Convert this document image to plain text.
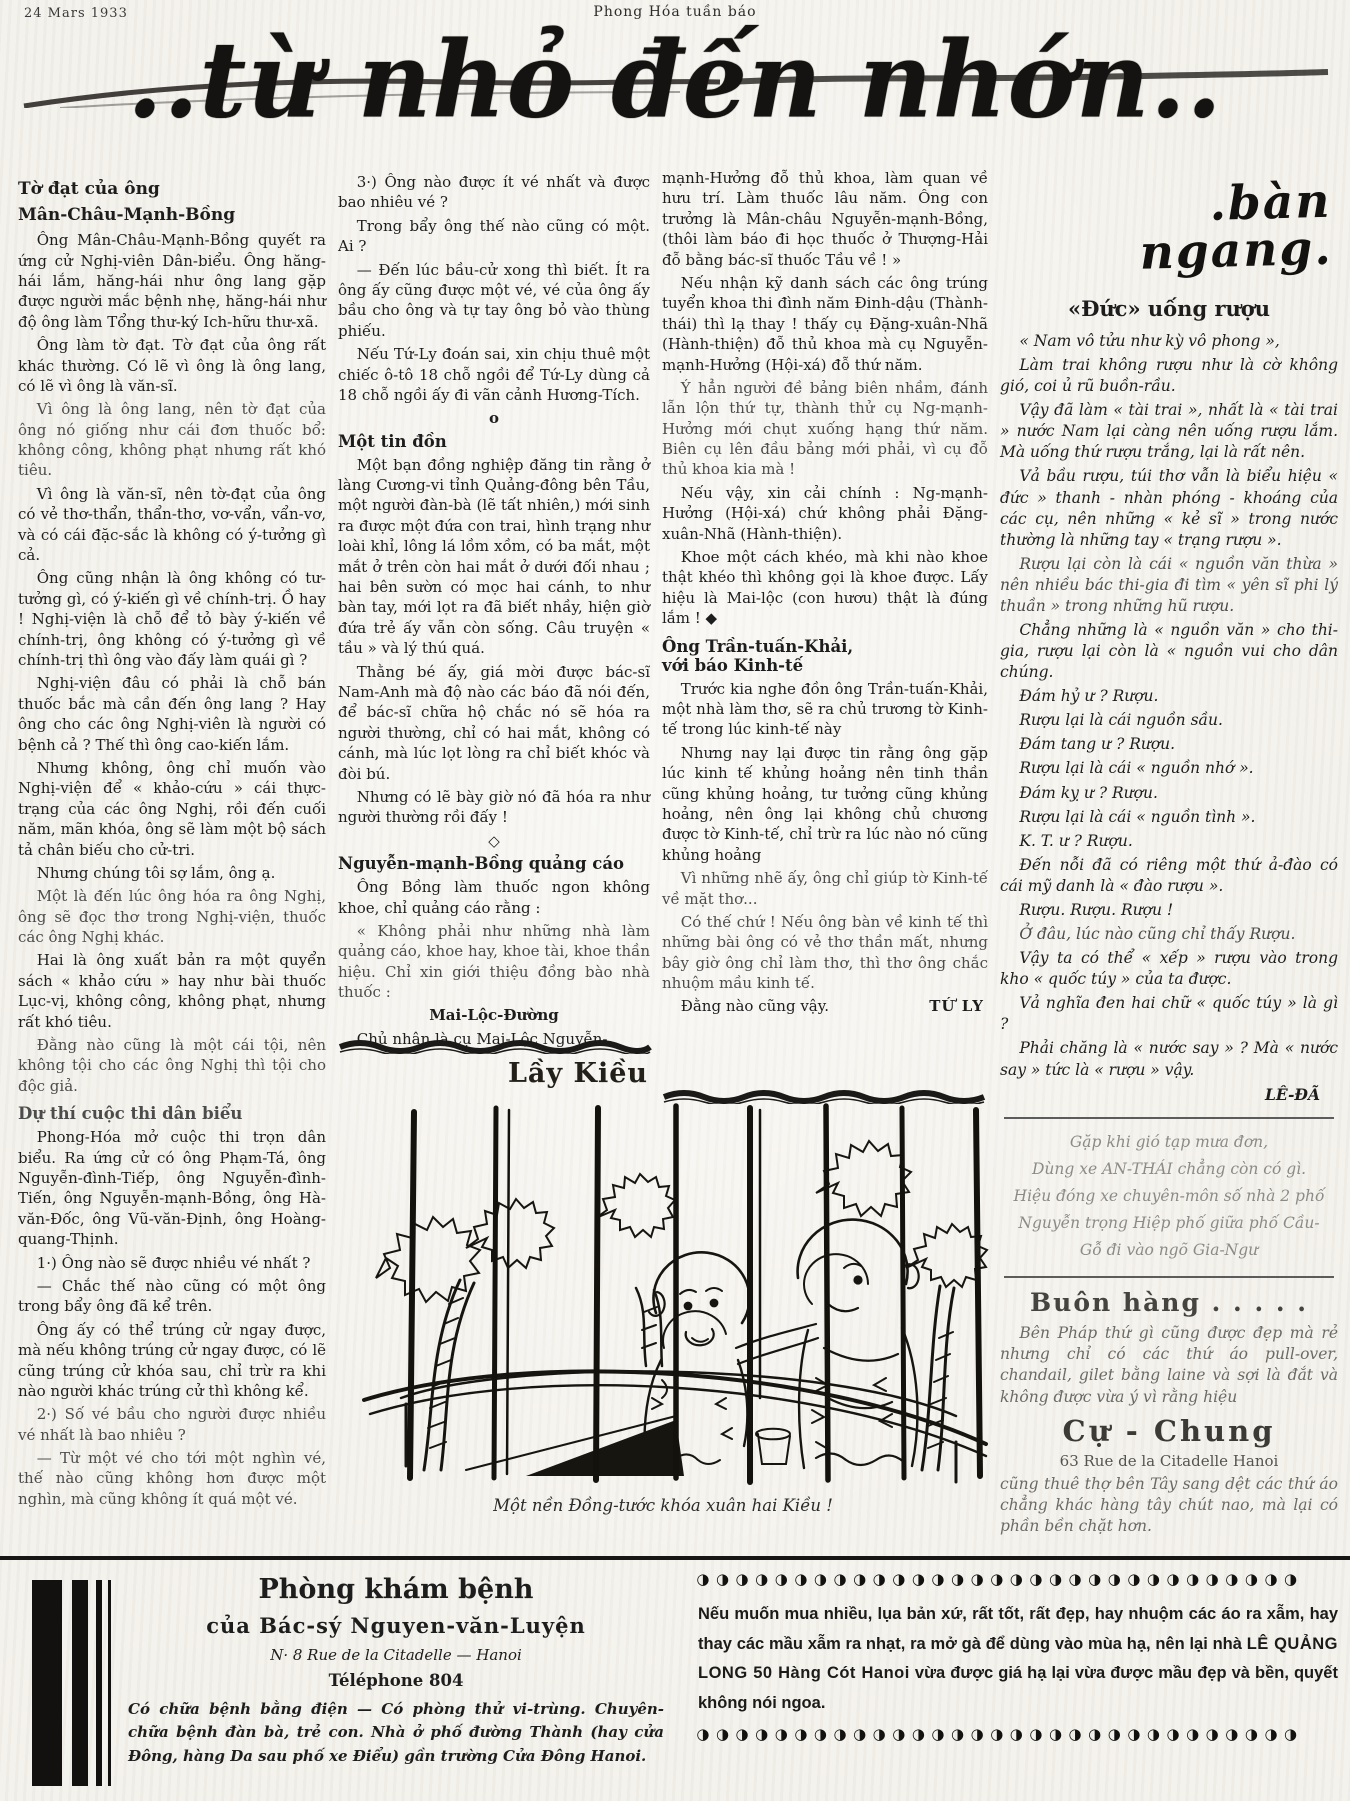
24 Mars 1933	Phong Hóa tuần báo
..từ nhỏ đến nhớn..
Tờ đạt của ông
Mân-Châu-Mạnh-Bồng

Ông Mân-Châu-Mạnh-Bồng quyết ra ứng cử Nghị-viên Dân-biểu. Ông hăng-hái lắm, hăng-hái như ông lang gặp được người mắc bệnh nhẹ, hăng-hái như độ ông làm Tổng thư-ký Ich-hữu thư-xã.

Ông làm tờ đạt. Tờ đạt của ông rất khác thường. Có lẽ vì ông là ông lang, có lẽ vì ông là văn-sĩ.

Vì ông là ông lang, nên tờ đạt của ông nó giống như cái đơn thuốc bổ: không công, không phạt nhưng rất khó tiêu.

Vì ông là văn-sĩ, nên tờ-đạt của ông có vẻ thơ-thẩn, thẩn-thơ, vơ-vẩn, vẩn-vơ, và có cái đặc-sắc là không có ý-tưởng gì cả.

Ông cũng nhận là ông không có tư-tưởng gì, có ý-kiến gì về chính-trị. Ồ hay ! Nghị-viện là chỗ để tỏ bày ý-kiến về chính-trị, ông không có ý-tưởng gì về chính-trị thì ông vào đấy làm quái gì ?

Nghị-viện đâu có phải là chỗ bán thuốc bắc mà cần đến ông lang ? Hay ông cho các ông Nghị-viên là người có bệnh cả ? Thế thì ông cao-kiến lắm.

Nhưng không, ông chỉ muốn vào Nghị-viện để « khảo-cứu » cái thực-trạng của các ông Nghị, rồi đến cuối năm, mãn khóa, ông sẽ làm một bộ sách tả chân biếu cho cử-tri.

Nhưng chúng tôi sợ lắm, ông ạ.

Một là đến lúc ông hóa ra ông Nghị, ông sẽ đọc thơ trong Nghị-viện, thuốc các ông Nghị khác.

Hai là ông xuất bản ra một quyển sách « khảo cứu » hay như bài thuốc Lục-vị, không công, không phạt, nhưng rất khó tiêu.

Đằng nào cũng là một cái tội, nên không tội cho các ông Nghị thì tội cho độc giả.

Dự thí cuộc thi dân biểu

Phong-Hóa mở cuộc thi trọn dân biểu. Ra ứng cử có ông Phạm-Tá, ông Nguyễn-đình-Tiếp, ông Nguyễn-đình-Tiến, ông Nguyễn-mạnh-Bồng, ông Hà-văn-Đốc, ông Vũ-văn-Định, ông Hoàng-quang-Thịnh.

1·) Ông nào sẽ được nhiều vé nhất ?

— Chắc thế nào cũng có một ông trong bẩy ông đã kể trên.

Ông ấy có thể trúng cử ngay được, mà nếu không trúng cử ngay được, có lẽ cũng trúng cử khóa sau, chỉ trừ ra khi nào người khác trúng cử thì không kể.

2·) Số vé bầu cho người được nhiều vé nhất là bao nhiêu ?

— Từ một vé cho tới một nghìn vé, thế nào cũng không hơn được một nghìn, mà cũng không ít quá một vé.

3·) Ông nào được ít vé nhất và được bao nhiêu vé ?

Trong bẩy ông thế nào cũng có một. Ai ?

— Đến lúc bầu-cử xong thì biết. Ít ra ông ấy cũng được một vé, vé của ông ấy bầu cho ông và tự tay ông bỏ vào thùng phiếu.

Nếu Tứ-Ly đoán sai, xin chịu thuê một chiếc ô-tô 18 chỗ ngồi để Tứ-Ly dùng cả 18 chỗ ngồi ấy đi vãn cảnh Hương-Tích.

o

Một tin đồn

Một bạn đồng nghiệp đăng tin rằng ở làng Cương-vi tỉnh Quảng-đông bên Tầu, một người đàn-bà (lẽ tất nhiên,) mới sinh ra được một đứa con trai, hình trạng như loài khỉ, lông lá lồm xồm, có ba mắt, một mắt ở trên còn hai mắt ở dưới đối nhau ; hai bên sườn có mọc hai cánh, to như bàn tay, mới lọt ra đã biết nhầy, hiện giờ đứa trẻ ấy vẫn còn sống. Câu truyện « tầu » và lý thú quá.

Thằng bé ấy, giá mời được bác-sĩ Nam-Anh mà độ nào các báo đã nói đến, để bác-sĩ chữa hộ chắc nó sẽ hóa ra người thường, chỉ có hai mắt, không có cánh, mà lúc lọt lòng ra chỉ biết khóc và đòi bú.

Nhưng có lẽ bày giờ nó đã hóa ra như người thường rồi đấy !

◇

Nguyễn-mạnh-Bồng quảng cáo

Ông Bồng làm thuốc ngon không khoe, chỉ quảng cáo rằng :

« Không phải như những nhà làm quảng cáo, khoe hay, khoe tài, khoe thần hiệu. Chỉ xin giới thiệu đồng bào nhà thuốc :

Mai-Lộc-Đường

Chủ nhân là cụ Mai-Lộc Nguyễn-.

mạnh-Hưởng đỗ thủ khoa, làm quan về hưu trí. Làm thuốc lâu năm. Ông con trưởng là Mân-châu Nguyễn-mạnh-Bồng, (thôi làm báo đi học thuốc ở Thượng-Hải đỗ bằng bác-sĩ thuốc Tầu về ! »

Nếu nhận kỹ danh sách các ông trúng tuyển khoa thi đình năm Đinh-dậu (Thành-thái) thì lạ thay ! thấy cụ Đặng-xuân-Nhã (Hành-thiện) đỗ thủ khoa mà cụ Nguyễn-mạnh-Hưởng (Hội-xá) đỗ thứ năm.

Ý hẳn người đề bảng biên nhầm, đánh lẫn lộn thứ tự, thành thử cụ Ng-mạnh-Hưởng mới chụt xuống hạng thứ năm. Biên cụ lên đầu bảng mới phải, vì cụ đỗ thủ khoa kia mà !

Nếu vậy, xin cải chính : Ng-mạnh-Hưởng (Hội-xá) chứ không phải Đặng-xuân-Nhã (Hành-thiện).

Khoe một cách khéo, mà khi nào khoe thật khéo thì không gọi là khoe được. Lấy hiệu là Mai-lộc (con hươu) thật là đúng lắm ! ◆

Ông Trần-tuấn-Khải,
với báo Kinh-tế

Trước kia nghe đồn ông Trần-tuấn-Khải, một nhà làm thơ, sẽ ra chủ trương tờ Kinh-tế trong lúc kinh-tế này

Nhưng nay lại được tin rằng ông gặp lúc kinh tế khủng hoảng nên tinh thần cũng khủng hoảng, tư tưởng cũng khủng hoảng, nên ông lại không chủ chương được tờ Kinh-tế, chỉ trừ ra lúc nào nó cũng khủng hoảng

Vì những nhẽ ấy, ông chỉ giúp tờ Kinh-tế về mặt thơ...

Có thế chứ ! Nếu ông bàn về kinh tế thì những bài ông có vẻ thơ thần mất, nhưng bây giờ ông chỉ làm thơ, thì thơ ông chắc nhuộm mầu kinh tế.

Đằng nào cũng vậy.	TỨ LY

.bàn ngang.
«Đức» uống rượu

« Nam vô tửu như kỳ vô phong »,

Làm trai không rượu như là cờ không gió, coi ủ rũ buồn-rầu.

Vậy đã làm « tài trai », nhất là « tài trai » nước Nam lại càng nên uống rượu lắm. Mà uống thứ rượu trắng, lại là rất nên.

Vả bầu rượu, túi thơ vẫn là biểu hiệu « đức » thanh - nhàn phóng - khoáng của các cụ, nên những « kẻ sĩ » trong nước thường là những tay « trạng rượu ».

Rượu lại còn là cái « nguồn văn thừa » nên nhiều bác thi-gia đi tìm « yên sĩ phi lý thuần » trong những hũ rượu.

Chẳng những là « nguồn văn » cho thi-gia, rượu lại còn là « nguồn vui cho dân chúng.

Đám hỷ ư ? Rượu.

Rượu lại là cái nguồn sầu.

Đám tang ư ? Rượu.

Rượu lại là cái « nguồn nhớ ».

Đám kỵ ư ? Rượu.

Rượu lại là cái « nguồn tình ».

K. T. ư ? Rượu.

Đến nỗi đã có riêng một thứ ả-đào có cái mỹ danh là « đào rượu ».

Rượu. Rượu. Rượu !

Ở đâu, lúc nào cũng chỉ thấy Rượu.

Vậy ta có thể « xếp » rượu vào trong kho « quốc túy » của ta được.

Vả nghĩa đen hai chữ « quốc túy » là gì ?

Phải chăng là « nước say » ? Mà « nước say » tức là « rượu » vậy.

LÊ-ĐÃ

Gặp khi gió tạp mưa đơn,
Dùng xe AN-THÁI chẳng còn có gì.
Hiệu đóng xe chuyên-môn số nhà 2 phố
Nguyễn trọng Hiệp phố giữa phố Cầu-
Gỗ đi vào ngõ Gia-Ngư
Buôn hàng . . . . .

Bên Pháp thứ gì cũng được đẹp mà rẻ nhưng chỉ có các thứ áo pull-over, chandail, gilet bằng laine và sợi là đắt và không được vừa ý vì rằng hiệu

Cự - Chung
63 Rue de la Citadelle Hanoi

cũng thuê thợ bên Tây sang dệt các thứ áo chẳng khác hàng tây chút nao, mà lại có phần bền chặt hơn.

Lầy Kiều
Một nền Đồng-tước khóa xuân hai Kiều !
Phòng khám bệnh
của Bác-sý Nguyen-văn-Luyện
N· 8 Rue de la Citadelle — Hanoi
Téléphone 804
Có chữa bệnh bằng điện — Có phòng thử vi-trùng. Chuyên-chữa bệnh đàn bà, trẻ con. Nhà ở phố đường Thành (hay cửa Đông, hàng Da sau phố xe Điểu) gần trường Cửa Đông Hanoi.
◑◑◑◑◑◑◑◑◑◑◑◑◑◑◑◑◑◑◑◑◑◑◑◑◑◑◑◑◑◑◑
Nếu muốn mua nhiều, lụa bản xứ, rất tốt, rất đẹp, hay nhuộm các áo ra xẫm, hay thay các mầu xẫm ra nhạt, ra mở gà để dùng vào mùa hạ, nên lại nhà LÊ QUẢNG LONG 50 Hàng Cót Hanoi vừa được giá hạ lại vừa được mầu đẹp và bền, quyết không nói ngoa.
◑◑◑◑◑◑◑◑◑◑◑◑◑◑◑◑◑◑◑◑◑◑◑◑◑◑◑◑◑◑◑
